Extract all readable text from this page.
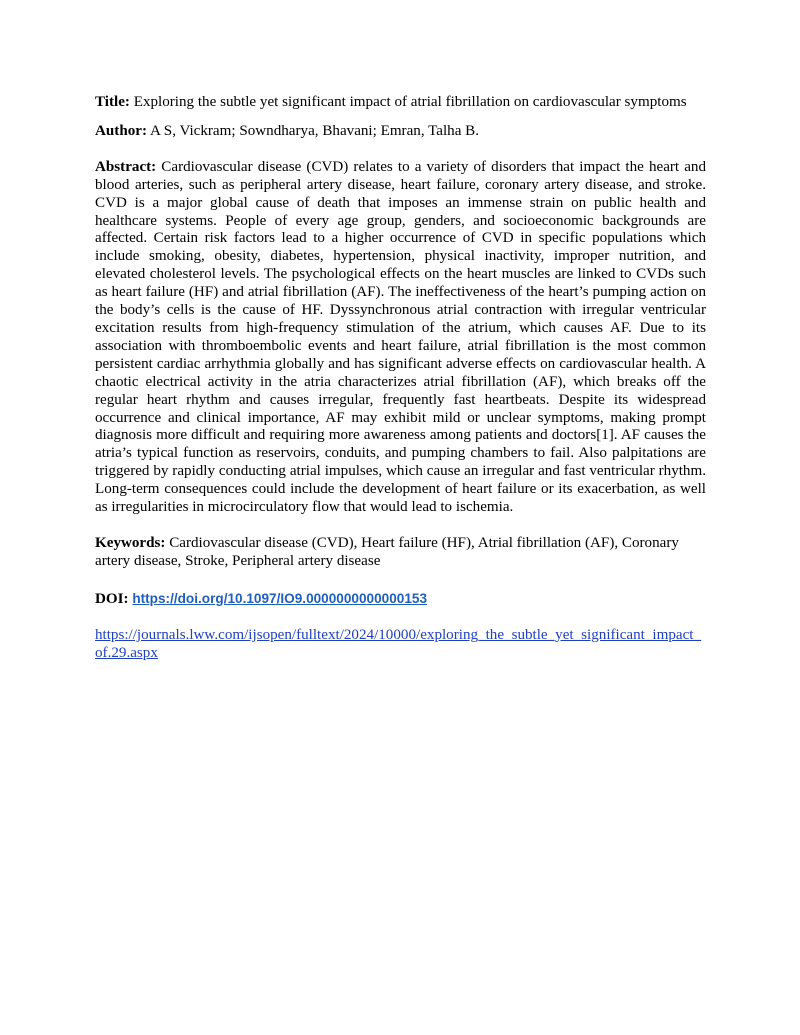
Title: Exploring the subtle yet significant impact of atrial fibrillation on cardiovascular symptoms

Author: A S, Vickram; Sowndharya, Bhavani; Emran, Talha B.

Abstract: Cardiovascular disease (CVD) relates to a variety of disorders that impact the heart and blood arteries, such as peripheral artery disease, heart failure, coronary artery disease, and stroke. CVD is a major global cause of death that imposes an immense strain on public health and healthcare systems. People of every age group, genders, and socioeconomic backgrounds are affected. Certain risk factors lead to a higher occurrence of CVD in specific populations which include smoking, obesity, diabetes, hypertension, physical inactivity, improper nutrition, and elevated cholesterol levels. The psychological effects on the heart muscles are linked to CVDs such as heart failure (HF) and atrial fibrillation (AF). The ineffectiveness of the heart’s pumping action on the body’s cells is the cause of HF. Dyssynchronous atrial contraction with irregular ventricular excitation results from high-frequency stimulation of the atrium, which causes AF. Due to its association with thromboembolic events and heart failure, atrial fibrillation is the most common persistent cardiac arrhythmia globally and has significant adverse effects on cardiovascular health. A chaotic electrical activity in the atria characterizes atrial fibrillation (AF), which breaks off the regular heart rhythm and causes irregular, frequently fast heartbeats. Despite its widespread occurrence and clinical importance, AF may exhibit mild or unclear symptoms, making prompt diagnosis more difficult and requiring more awareness among patients and doctors[1]. AF causes the atria’s typical function as reservoirs, conduits, and pumping chambers to fail. Also palpitations are triggered by rapidly conducting atrial impulses, which cause an irregular and fast ventricular rhythm. Long-term consequences could include the development of heart failure or its exacerbation, as well as irregularities in microcirculatory flow that would lead to ischemia.

Keywords: Cardiovascular disease (CVD), Heart failure (HF), Atrial fibrillation (AF), Coronary artery disease, Stroke, Peripheral artery disease

DOI: https://doi.org/10.1097/IO9.0000000000000153

https://journals.lww.com/ijsopen/fulltext/2024/10000/exploring_the_subtle_yet_significant_impact_of.29.aspx
